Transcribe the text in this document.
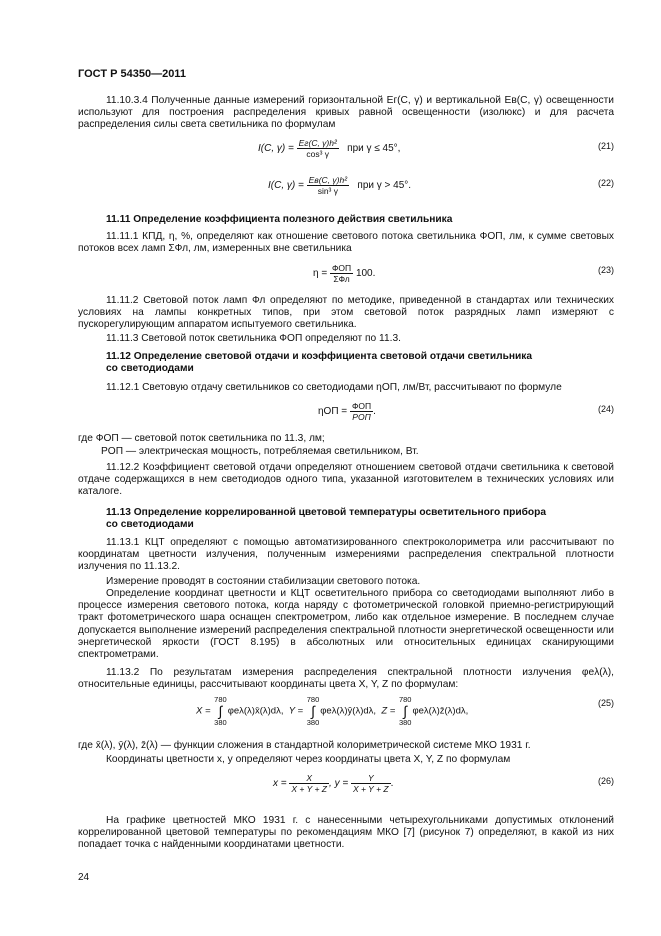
ГОСТ Р 54350—2011
11.10.3.4 Полученные данные измерений горизонтальной Eг(C, γ) и вертикальной Eв(C, γ) освещенности используют для построения распределения кривых равной освещенности (изолюкс) и для расчета распределения силы света светильника по формулам
I(C, $\gamma) = \frac{\text{Eг(C, γ)h²}}{\text{cos³ γ}}$ при γ ≤ 45°,	(21)
I(C, $\gamma) = \frac{\text{Eв(C, γ)h²}}{\text{sin³ γ}}$ при γ > 45°.	(22)
11.11 Определение коэффициента полезного действия светильника
11.11.1 КПД, η, %, определяют как отношение светового потока светильника ФОП, лм, к сумме световых потоков всех ламп ΣФл, лм, измеренных вне светильника
$\eta = \frac{\text{ФОП}}{\text{ΣФл}} 100$.	(23)
11.11.2 Световой поток ламп Фл определяют по методике, приведенной в стандартах или технических условиях на лампы конкретных типов, при этом световой поток разрядных ламп измеряют с пускорегулирующим аппаратом испытуемого светильника.
11.11.3 Световой поток светильника ФОП определяют по 11.3.
11.12 Определение световой отдачи и коэффициента световой отдачи светильника
со светодиодами
11.12.1 Световую отдачу светильников со светодиодами ηОП, лм/Вт, рассчитывают по формуле
$\eta ОП = \frac{\text{ФОП}}{\text{PОП}}$ .	(24)
где ФОП — световой поток светильника по 11.3, лм;
PОП — электрическая мощность, потребляемая светильником, Вт.
11.12.2 Коэффициент световой отдачи определяют отношением световой отдачи светильника к световой отдаче содержащихся в нем светодиодов одного типа, указанной изготовителем в технических условиях или каталоге.
11.13 Определение коррелированной цветовой температуры осветительного прибора
со светодиодами
11.13.1 КЦТ определяют с помощью автоматизированного спектроколориметра или рассчитывают по координатам цветности излучения, полученным измерениями распределения спектральной плотности излучения по 11.13.2.
Измерение проводят в состоянии стабилизации светового потока.
Определение координат цветности и КЦТ осветительного прибора со светодиодами выполняют либо в процессе измерения светового потока, когда наряду с фотометрической головкой приемно-регистрирующий тракт фотометрического шара оснащен спектрометром, либо как отдельное измерение. В последнем случае допускается выполнение измерений распределения спектральной плотности энергетической освещенности или энергетической яркости (ГОСТ 8.195) в абсолютных или относительных единицах сканирующими спектрометрами.
11.13.2 По результатам измерения распределения спектральной плотности излучения φeλ(λ), относительные единицы, рассчитывают координаты цвета X, Y, Z по формулам:
X = 780
∫
380φeλ(λ)x̄(λ)dλ, Y = 780
∫
380φeλ(λ)ȳ(λ)dλ, Z = 780
∫
380φeλ(λ)z̄(λ)dλ,
(25)
где x̄(λ), ȳ(λ), z̄(λ) — функции сложения в стандартной колориметрической системе МКО 1931 г.
Координаты цветности x, y определяют через координаты цвета X, Y, Z по формулам
$x = \frac{X}{X + Y + Z}$ , $y = \frac{Y}{X + Y + Z}$ .	(26)
На графике цветностей МКО 1931 г. с нанесенными четырехугольниками допустимых отклонений коррелированной цветовой температуры по рекомендациям МКО [7] (рисунок 7) определяют, в какой из них попадает точка c найденными координатами цветности.
24
